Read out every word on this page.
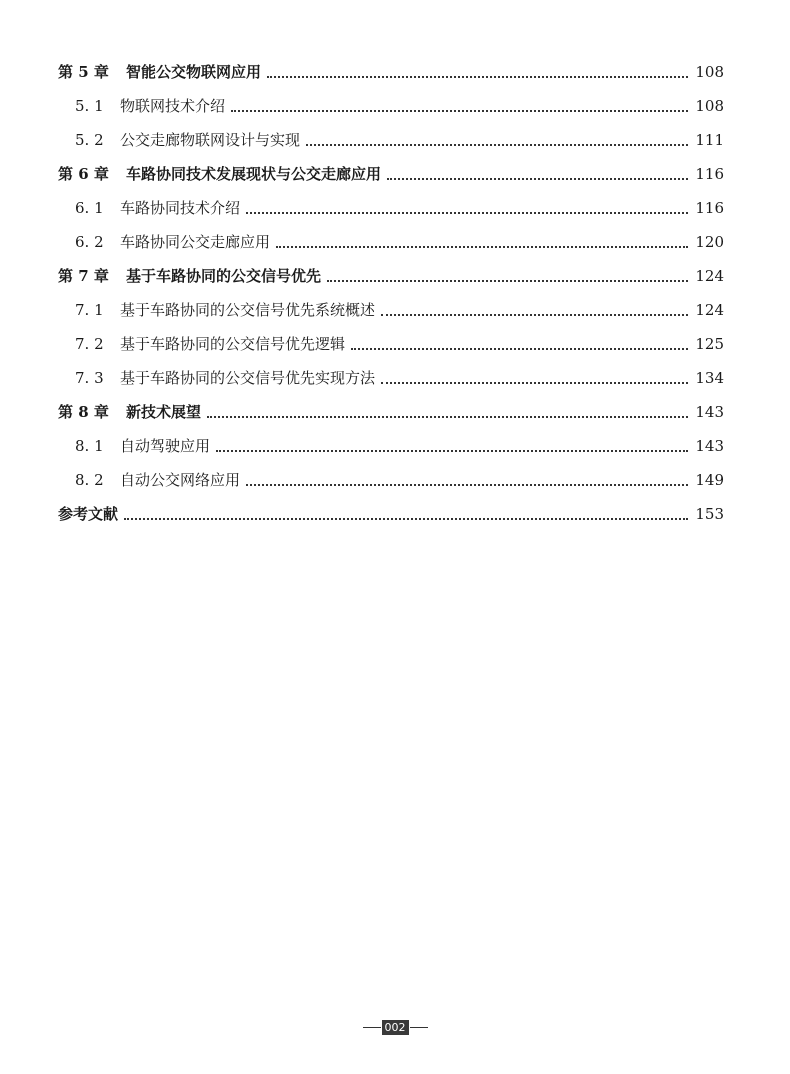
第 5 章	智能公交物联网应用	108
5. 1	物联网技术介绍	108
5. 2	公交走廊物联网设计与实现	111
第 6 章	车路协同技术发展现状与公交走廊应用	116
6. 1	车路协同技术介绍	116
6. 2	车路协同公交走廊应用	120
第 7 章	基于车路协同的公交信号优先	124
7. 1	基于车路协同的公交信号优先系统概述	124
7. 2	基于车路协同的公交信号优先逻辑	125
7. 3	基于车路协同的公交信号优先实现方法	134
第 8 章	新技术展望	143
8. 1	自动驾驶应用	143
8. 2	自动公交网络应用	149
参考文献	153
002
